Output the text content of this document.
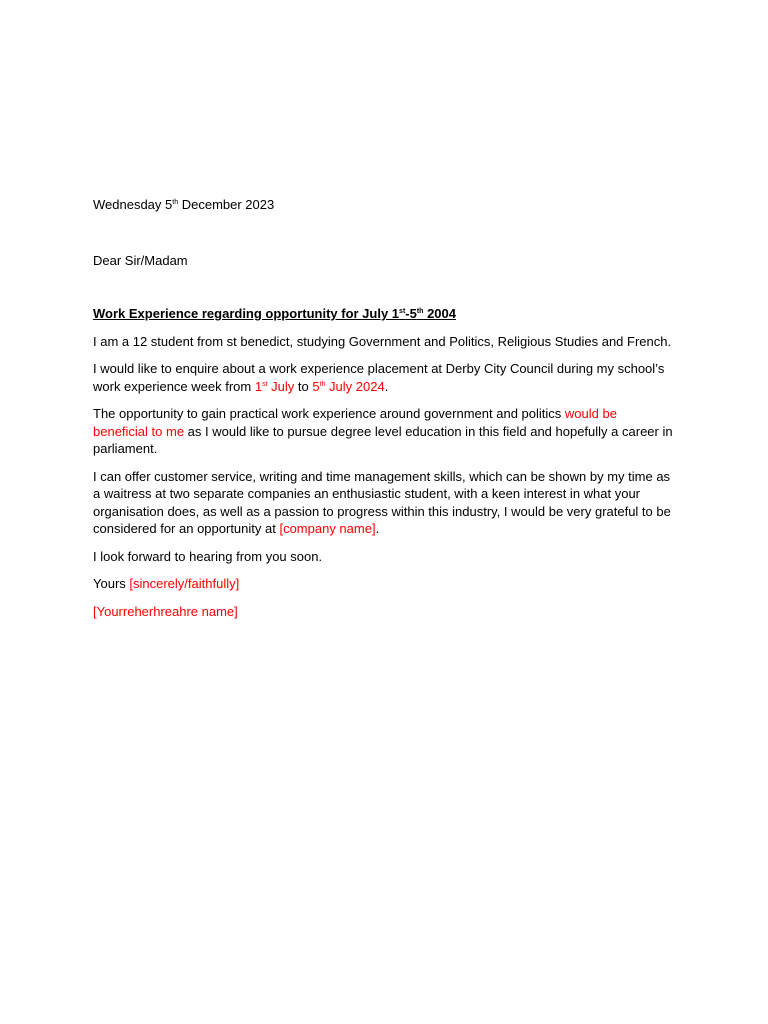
Wednesday 5th December 2023

Dear Sir/Madam

Work Experience regarding opportunity for July 1st-5th 2004

I am a 12 student from st benedict, studying Government and Politics, Religious Studies and French.

I would like to enquire about a work experience placement at Derby City Council during my school’s work experience week from 1st July to 5th July 2024.

The opportunity to gain practical work experience around government and politics would be beneficial to me as I would like to pursue degree level education in this field and hopefully a career in parliament.

I can offer customer service, writing and time management skills, which can be shown by my time as a waitress at two separate companies an enthusiastic student, with a keen interest in what your organisation does, as well as a passion to progress within this industry, I would be very grateful to be considered for an opportunity at [company name].

I look forward to hearing from you soon.

Yours [sincerely/faithfully]

[Yourreherhreahre name]
